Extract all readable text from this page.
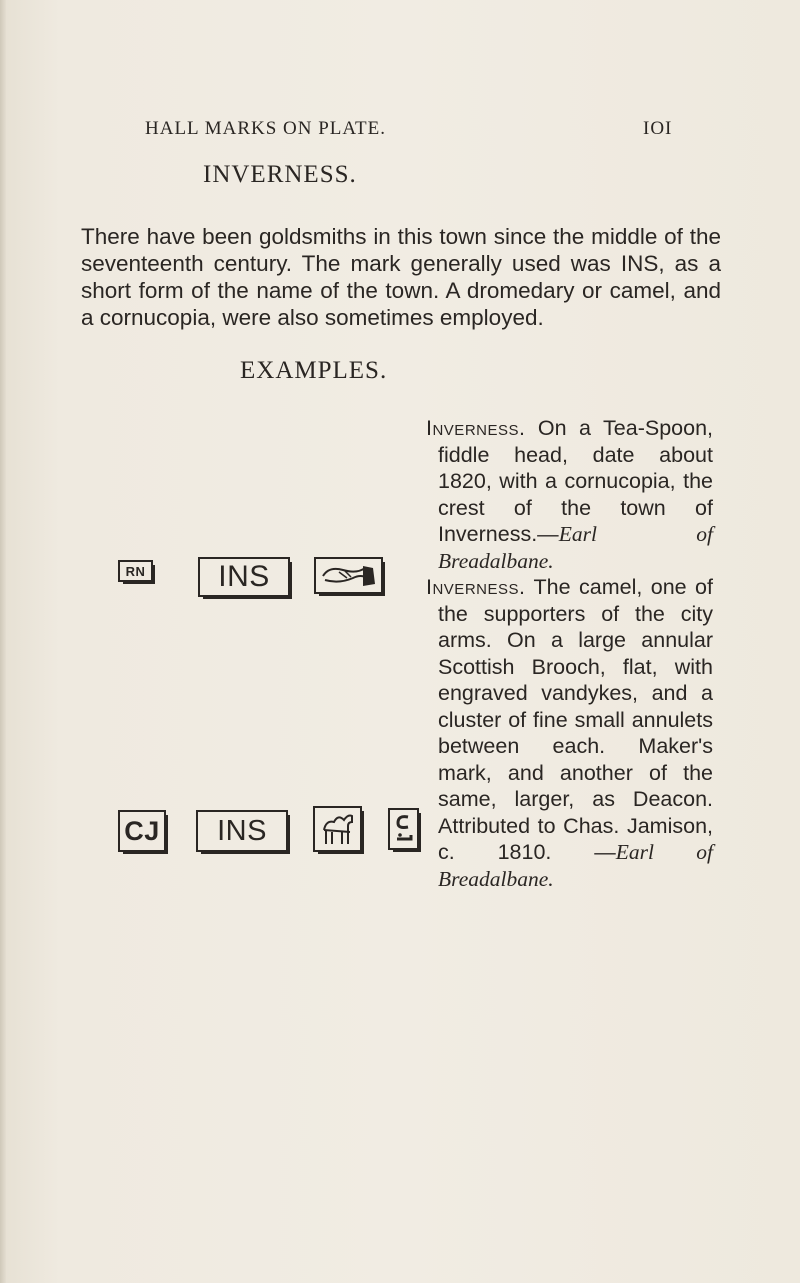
HALL MARKS ON PLATE.	IOI
INVERNESS.

There have been goldsmiths in this town since the middle of the seventeenth century. The mark generally used was INS, as a short form of the name of the town. A dromedary or camel, and a cornucopia, were also sometimes employed.

EXAMPLES.
RN INS
CJ INS

Inverness. On a Tea-Spoon, fiddle head, date about 1820, with a cornucopia, the crest of the town of Inverness.—Earl of Breadalbane.

Inverness. The camel, one of the supporters of the city arms. On a large annular Scottish Brooch, flat, with engraved vandykes, and a cluster of fine small annulets between each. Maker's mark, and another of the same, larger, as Deacon. Attributed to Chas. Jamison, c. 1810. —Earl of Breadalbane.
